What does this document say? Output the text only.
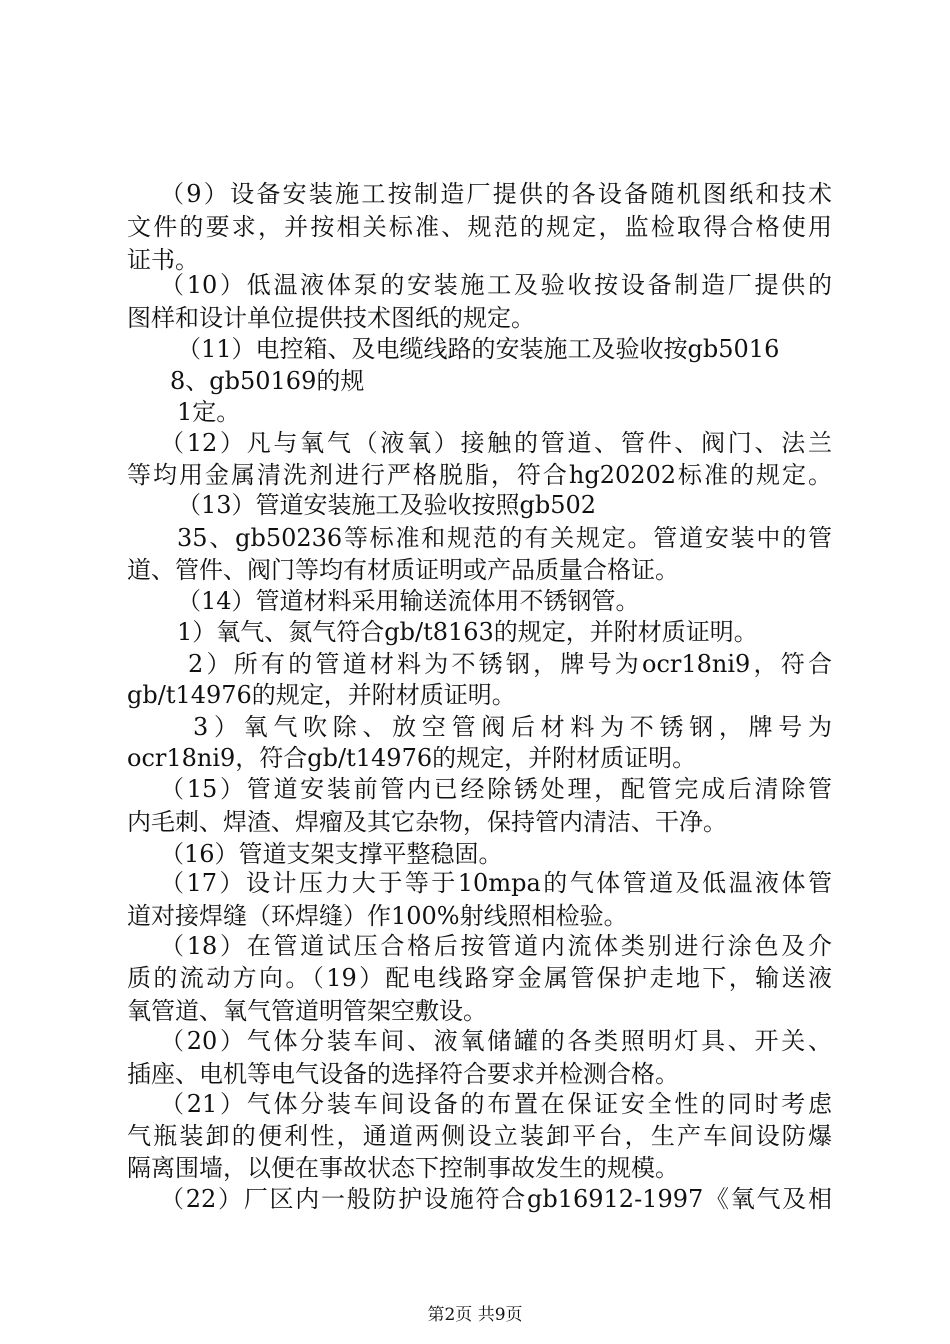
（9）设备安装施工按制造厂提供的各设备随机图纸和技术
文件的要求，并按相关标准、规范的规定，监检取得合格使用
证书。
（10）低温液体泵的安装施工及验收按设备制造厂提供的
图样和设计单位提供技术图纸的规定。
（11）电控箱、及电缆线路的安装施工及验收按gb5016
8、gb50169的规
1定。
（12）凡与氧气（液氧）接触的管道、管件、阀门、法兰
等均用金属清洗剂进行严格脱脂，符合hg20202标准的规定。
（13）管道安装施工及验收按照gb502
35、gb50236等标准和规范的有关规定。管道安装中的管
道、管件、阀门等均有材质证明或产品质量合格证。
（14）管道材料采用输送流体用不锈钢管。
1）氧气、氮气符合gb/t8163的规定，并附材质证明。
2）所有的管道材料为不锈钢，牌号为ocr18ni9，符合
gb/t14976的规定，并附材质证明。
3）氧气吹除、放空管阀后材料为不锈钢，牌号为
ocr18ni9，符合gb/t14976的规定，并附材质证明。
（15）管道安装前管内已经除锈处理，配管完成后清除管
内毛刺、焊渣、焊瘤及其它杂物，保持管内清洁、干净。
（16）管道支架支撑平整稳固。
（17）设计压力大于等于10mpa的气体管道及低温液体管
道对接焊缝（环焊缝）作100%射线照相检验。
（18）在管道试压合格后按管道内流体类别进行涂色及介
质的流动方向。（19）配电线路穿金属管保护走地下，输送液
氧管道、氧气管道明管架空敷设。
（20）气体分装车间、液氧储罐的各类照明灯具、开关、
插座、电机等电气设备的选择符合要求并检测合格。
（21）气体分装车间设备的布置在保证安全性的同时考虑
气瓶装卸的便利性，通道两侧设立装卸平台，生产车间设防爆
隔离围墙，以便在事故状态下控制事故发生的规模。
（22）厂区内一般防护设施符合gb16912-1997《氧气及相
第2页 共9页
